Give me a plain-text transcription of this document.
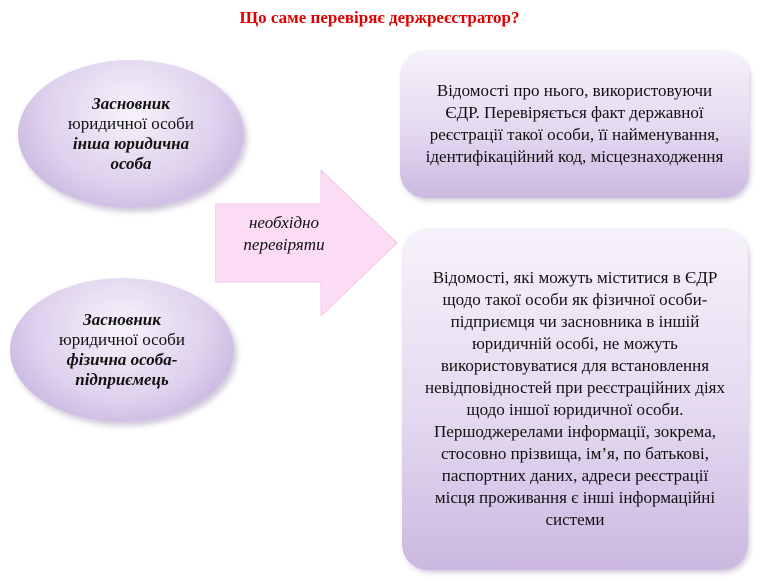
Що саме перевіряє держреєстратор?
Засновник
юридичної особи
інша юридична особа
Засновник
юридичної особи
фізична особа-підприємець
необхідно перевіряти
Відомості про нього, використовуючи ЄДР. Перевіряється факт державної реєстрації такої особи, її найменування, ідентифікаційний код, місцезнаходження
Відомості, які можуть міститися в ЄДР щодо такої особи як фізичної особи-підприємця чи засновника в іншій юридичній особі, не можуть використовуватися для встановлення невідповідностей при реєстраційних діях щодо іншої юридичної особи. Першоджерелами інформації, зокрема, стосовно прізвища, ім’я, по батькові, паспортних даних, адреси реєстрації місця проживання є інші інформаційні системи
